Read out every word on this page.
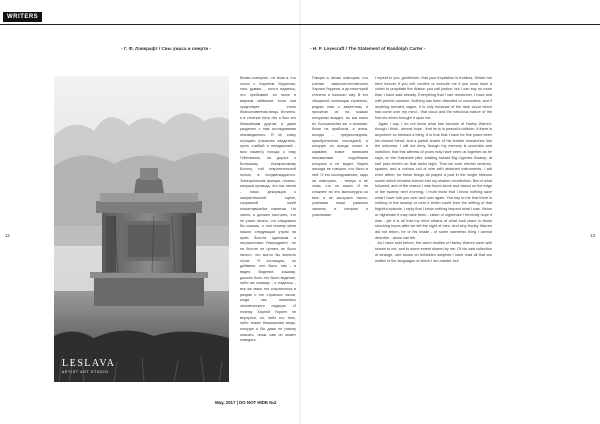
WRITERS
- Г. Ф. Лавкрафт / Свы ужаса и смерти -	- H. P. Lovecraft / The Statement of Randolph Carter -
12	13
LESLAVA
ARTIST ART STUDIO
Вновь повторяю - не знаю я, что стало с Харлеем Уорреном, хоть думаю, - почти надеюсь, что пребывает он ныне в мирном забвении, если там существует столь благословенная вещь. Истинно, я в течение пяти лет я был его ближайшим другом, и даже разделял с ним исследования неизведанного. Я не стану отрицать (нашелся свидетель, пусть слабый и ненадежный - моя память) похода к пику Гейнсвилль, на дороге к Большому Кипарисовому Болоту, той отвратительной ночью, в полдвенадцатого. Электрические фонари, лопаты, катушка провода, что мы несли - лишь декорации к омерзительной сцене, сохранной моей пошатнувшейся памятью. Но затем, я должен настоять, что не утаил ничего, что следовало бы сказать, о том почему меня нашли следующим утром на краю болота одиноким и потрясенным. Утверждаете - не на болоте не гуляют, не было ничего, что могло бы вселить страх. Я соглашусь, но добавлю, оно было там - я видел. Видение, кошмар, должно быть это было видение, либо же кошмар - я надеюсь - все же лишь это сохранилось в разуме с тех странных часов, когда мы лишились человеческого надзора. И почему Харлей Уоррен не вернулся, он, либо его тень, либо некая безымянная вещь, которую я бы даже не рискну описать, лишь сам он может поведать.
Говорю я, вновь повторяю, что учения сверхъестественного Харлея Уоррена, и до некоторой степени я поносил ему. В его обширной коллекции странных, редких книг о запретном, я прочитал их на языках которыми владел, но как мало их. Большинство же, я полагаю, были на арабском, а книга, исходя - предпоследняя, приобретенная последней, и которую он всегда носил в кармане, вовсе написана письменами подобными которым я не видел. Варен никогда не говорил, что было в ней. О его исследованиях, надо ли повторять, - теперь я не знаю, что он искал. И не сложнее ли это милосердно ко мне, я не заслужил такого, учитывая наши ужасные занятия, в которые я участвовал
I repeat to you, gentlemen, that your inquisition is fruitless. Detain me here forever if you will; confine or execute me if you must have a victim to propitiate the illusion you call justice; but I can say no more than I have said already. Everything that I can remember, I have told with perfect candour. Nothing has been distorted or concealed, and if anything remains vague, it is only because of the dark cloud which has come over my mind - that cloud and the nebulous nature of the horrors which brought it upon me.
Again I say, I do not know what has become of Harley Warren; though I think - almost hope - that he is in peaceful oblivion, if there is anywhere so blessed a thing. It is true that I have for five years been his closest friend, and a partial sharer of his terrible researches into the unknown. I will not deny, though my memory is uncertain and indistinct, that this witness of yours may have seen us together as he says, on the Gainsville pike, walking toward Big Cypress Swamp, at half past eleven on that awful night. That we bore electric lanterns, spades, and a curious coil of wire with attached instruments, I will even affirm; for these things all played a part in the single hideous scene which remains burned into my shaken recollection. But of what followed, and of the reason I was found alone and dazed on the edge of the swamp next morning, I must insist that I know nothing save what I have told you over and over again. You say to me that there is nothing in the swamp or near it which could form the setting of that frightful episode. I reply that I know nothing beyond what I saw. Vision or nightmare it may have been - vision or nightmare I fervently hope it was - yet it is all that my mind retains of what took place in those shocking hours after we left the sight of men. And why Harley Warren did not return, he or his shade - or some nameless thing I cannot describe - alone can tell.
As I have said before, the weird studies of Harley Warren were well known to me, and to some extent shared by me. Of his vast collection of strange, rare books on forbidden subjects I have read all that are written in the languages of which I am master; but
May, 2017 | DO NOT HIDE №2
